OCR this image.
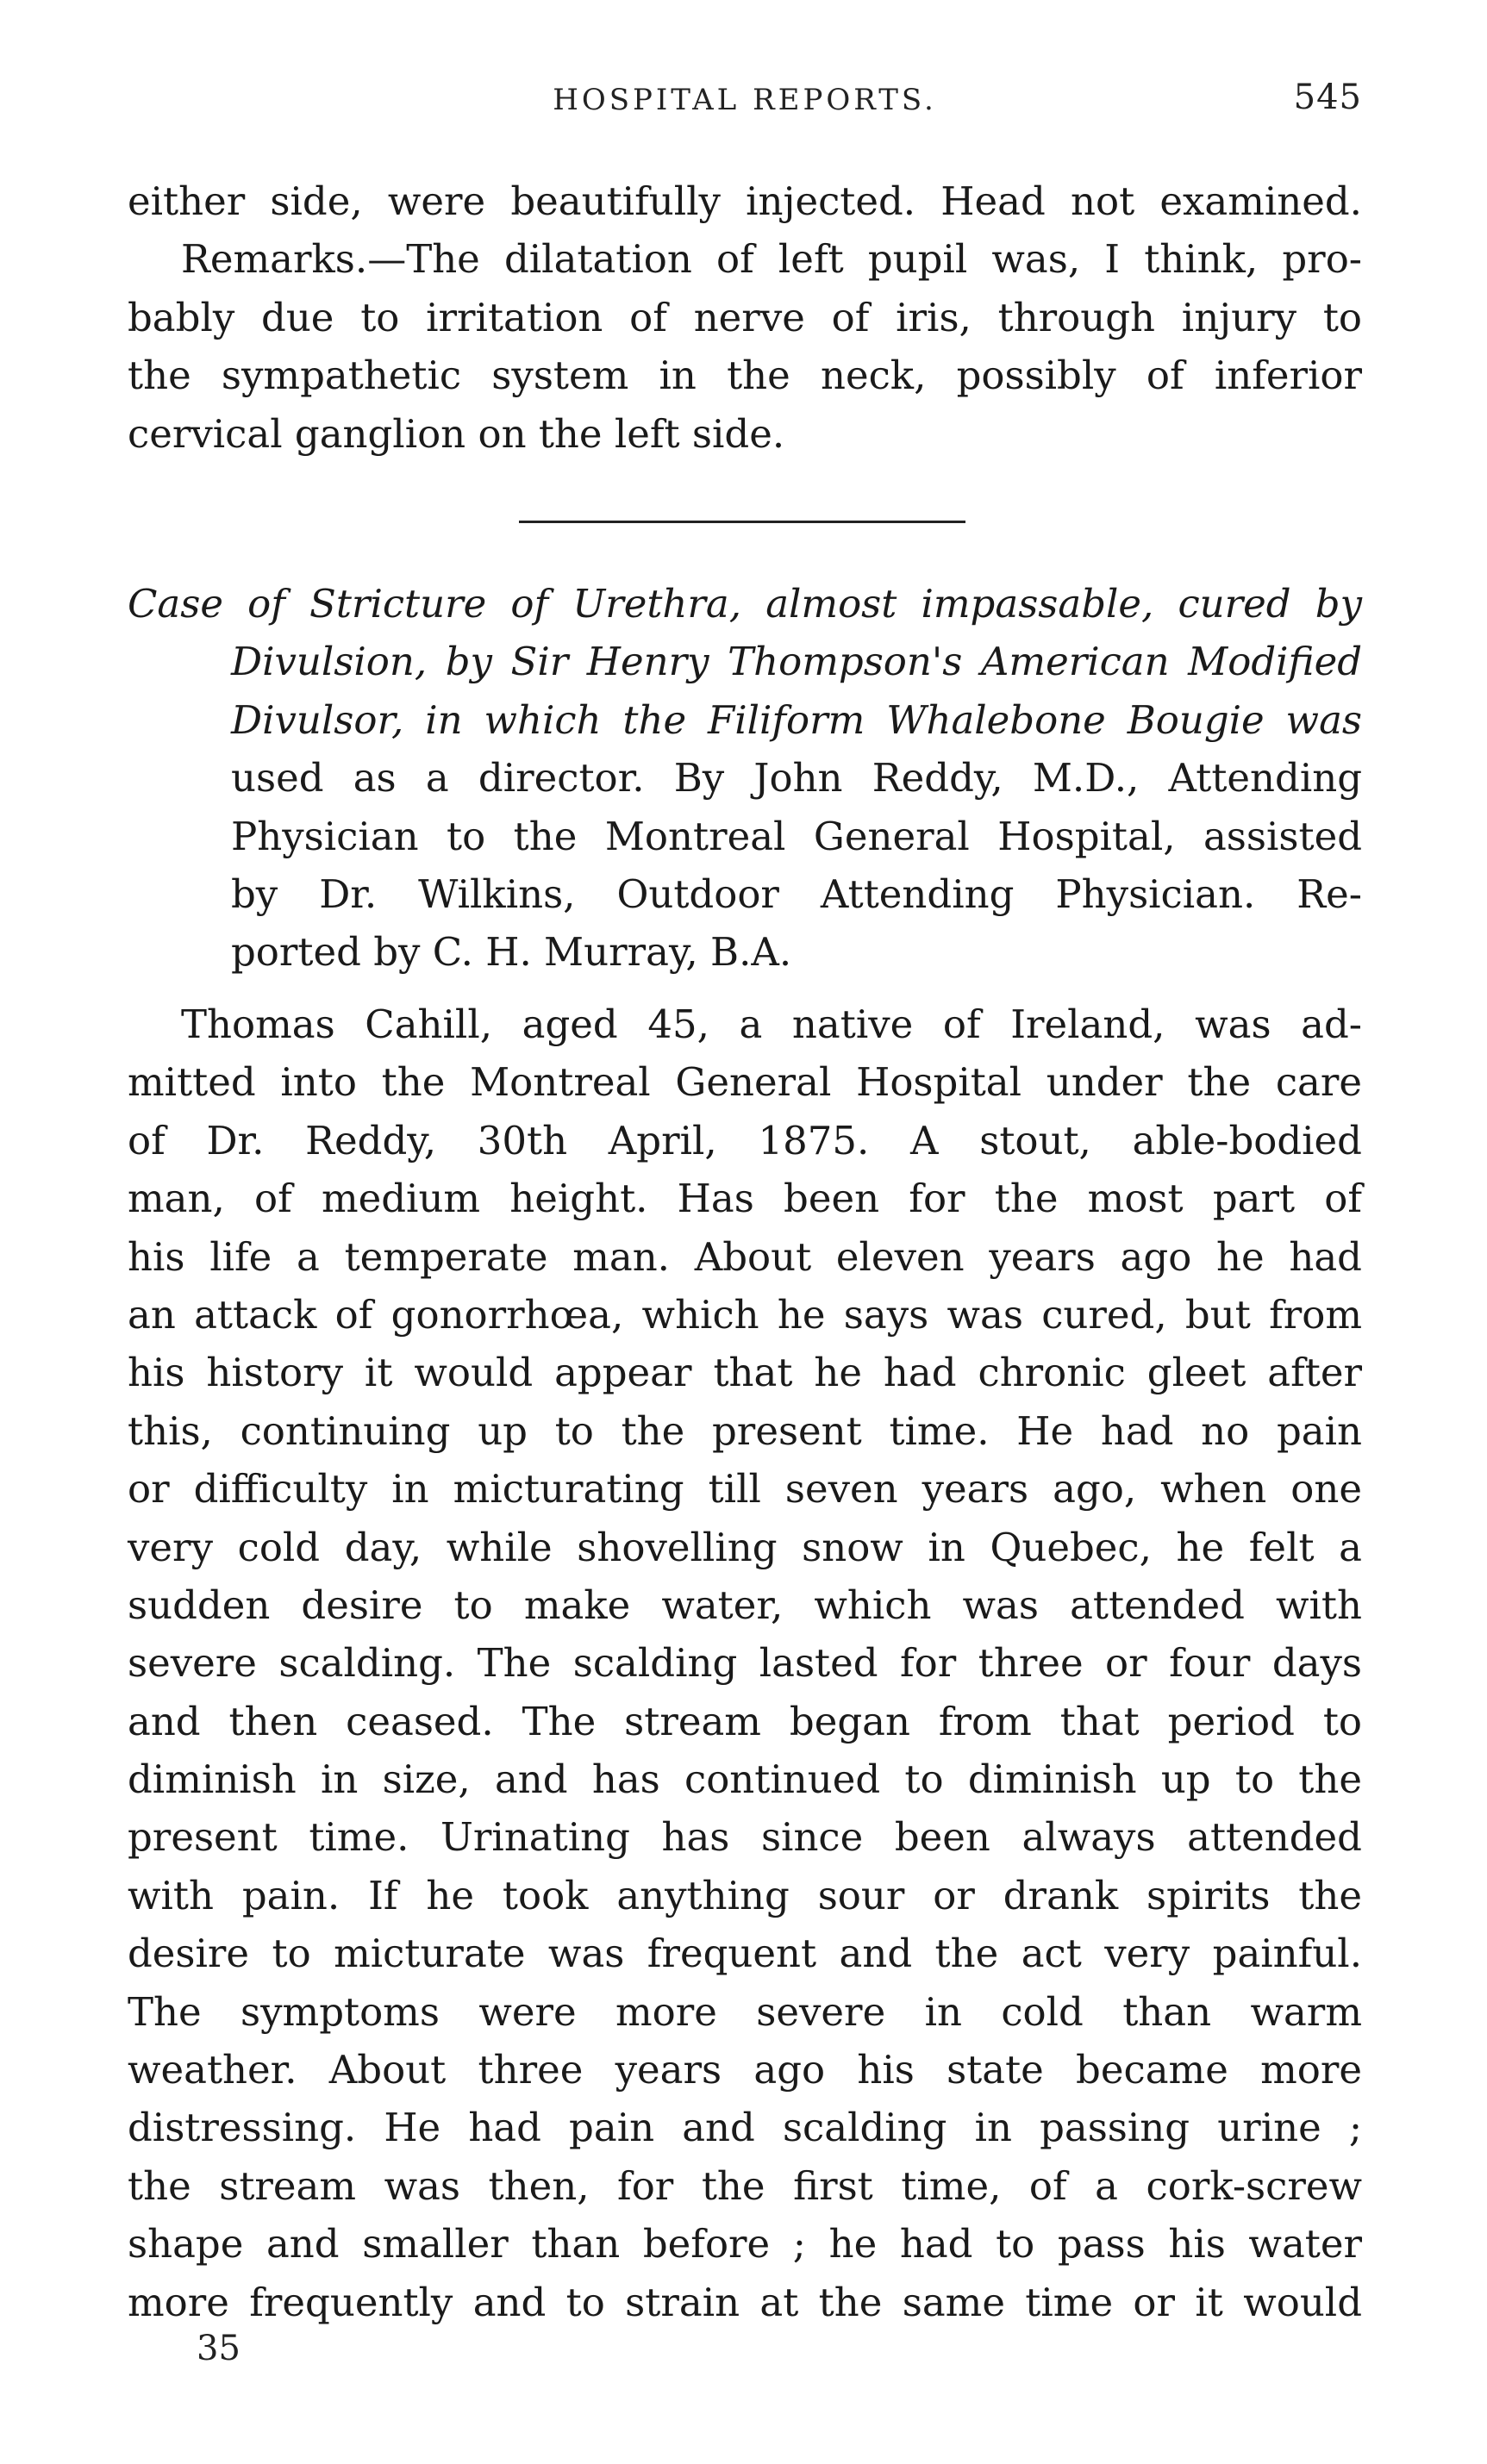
HOSPITAL REPORTS.	545
either side, were beautifully injected. Head not examined.
Remarks.—The dilatation of left pupil was, I think, pro-
bably due to irritation of nerve of iris, through injury to
the sympathetic system in the neck, possibly of inferior
cervical ganglion on the left side.
Case of Stricture of Urethra, almost impassable, cured by
Divulsion, by Sir Henry Thompson's American Modified
Divulsor, in which the Filiform Whalebone Bougie was
used as a director. By John Reddy, M.D., Attending
Physician to the Montreal General Hospital, assisted
by Dr. Wilkins, Outdoor Attending Physician. Re-
ported by C. H. Murray, B.A.
Thomas Cahill, aged 45, a native of Ireland, was ad-
mitted into the Montreal General Hospital under the care
of Dr. Reddy, 30th April, 1875. A stout, able-bodied
man, of medium height. Has been for the most part of
his life a temperate man. About eleven years ago he had
an attack of gonorrhœa, which he says was cured, but from
his history it would appear that he had chronic gleet after
this, continuing up to the present time. He had no pain
or difficulty in micturating till seven years ago, when one
very cold day, while shovelling snow in Quebec, he felt a
sudden desire to make water, which was attended with
severe scalding. The scalding lasted for three or four days
and then ceased. The stream began from that period to
diminish in size, and has continued to diminish up to the
present time. Urinating has since been always attended
with pain. If he took anything sour or drank spirits the
desire to micturate was frequent and the act very painful.
The symptoms were more severe in cold than warm
weather. About three years ago his state became more
distressing. He had pain and scalding in passing urine ;
the stream was then, for the first time, of a cork-screw
shape and smaller than before ; he had to pass his water
more frequently and to strain at the same time or it would
35
